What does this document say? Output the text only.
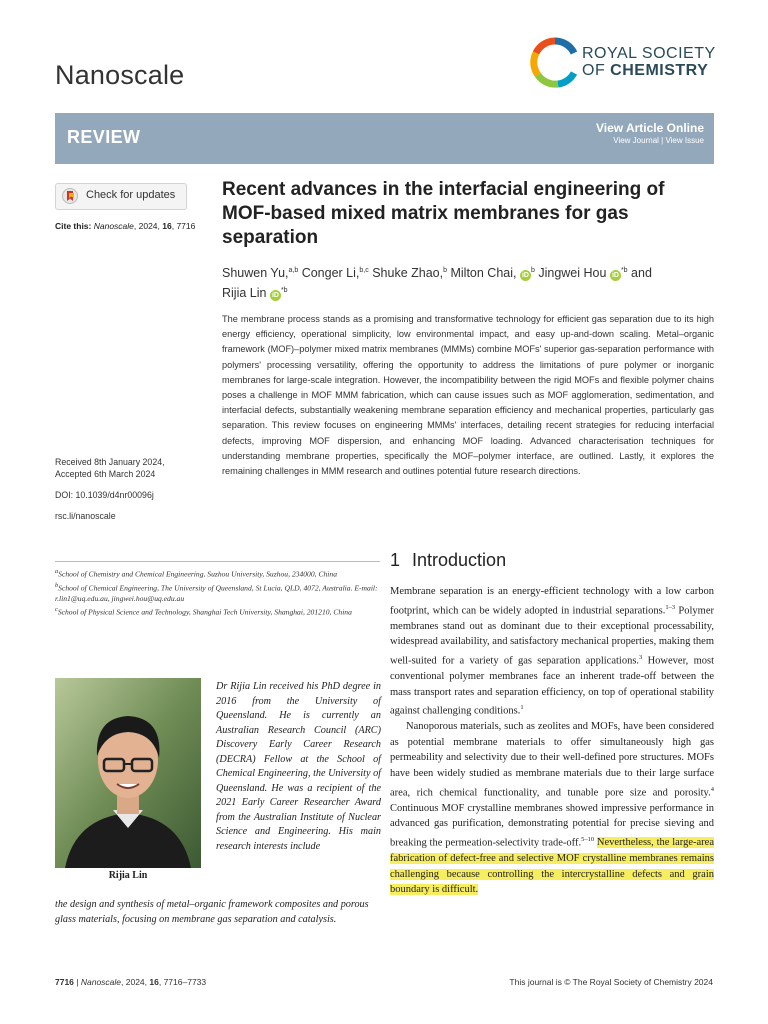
Nanoscale
ROYAL SOCIETY
OF CHEMISTRY
REVIEW	View Article Online
View Journal | View Issue
Check for updates
Cite this: Nanoscale, 2024, 16, 7716
Recent advances in the interfacial engineering of MOF-based mixed matrix membranes for gas separation
Shuwen Yu,$^{a,b}$ Conger Li,$^{b,c}$ Shuke Zhao,$^b$ Milton Chai, $iD^b$ Jingwei Hou $iD^{*b}$ and
Rijia Lin $iD^{*b}$
The membrane process stands as a promising and transformative technology for efficient gas separation due to its high energy efficiency, operational simplicity, low environmental impact, and easy up-and-down scaling. Metal–organic framework (MOF)–polymer mixed matrix membranes (MMMs) combine MOFs' superior gas-separation performance with polymers' processing versatility, offering the opportunity to address the limitations of pure polymer or inorganic membranes for large-scale integration. However, the incompatibility between the rigid MOFs and flexible polymer chains poses a challenge in MOF MMM fabrication, which can cause issues such as MOF agglomeration, sedimentation, and interfacial defects, substantially weakening membrane separation efficiency and mechanical properties, particularly gas separation. This review focuses on engineering MMMs' interfaces, detailing recent strategies for reducing interfacial defects, improving MOF dispersion, and enhancing MOF loading. Advanced characterisation techniques for understanding membrane properties, specifically the MOF–polymer interface, are outlined. Lastly, it explores the remaining challenges in MMM research and outlines potential future research directions.
Received 8th January 2024,
Accepted 6th March 2024
DOI: 10.1039/d4nr00096j
rsc.li/nanoscale
$^a$School of Chemistry and Chemical Engineering, Suzhou University, Suzhou, 234000, China
$^b$School of Chemical Engineering, The University of Queensland, St Lucia, QLD, 4072, Australia. E-mail: r.lin1@uq.edu.au, jingwei.hou@uq.edu.au
$^c$School of Physical Science and Technology, Shanghai Tech University, Shanghai, 201210, China
Rijia Lin
Dr Rijia Lin received his PhD degree in 2016 from the University of Queensland. He is currently an Australian Research Council (ARC) Discovery Early Career Research (DECRA) Fellow at the School of Chemical Engineering, the University of Queensland. He was a recipient of the 2021 Early Career Researcher Award from the Australian Institute of Nuclear Science and Engineering. His main research interests include
the design and synthesis of metal–organic framework composites and porous glass materials, focusing on membrane gas separation and catalysis.
1 Introduction

Membrane separation is an energy-efficient technology with a low carbon footprint, which can be widely adopted in industrial separations.$^{1-3}$ Polymer membranes stand out as dominant due to their exceptional processability, widespread availability, and satisfactory mechanical properties, making them well-suited for a variety of gas separation applications.$^3$ However, most conventional polymer membranes face an inherent trade-off between the mass transport rates and separation efficiency, on top of operational stability against challenging conditions.$^1$

Nanoporous materials, such as zeolites and MOFs, have been considered as potential membrane materials to offer simultaneously high gas permeability and selectivity due to their well-defined pore structures. MOFs have been widely studied as membrane materials due to their large surface area, rich chemical functionality, and tunable pore size and porosity.$^4$ Continuous MOF crystalline membranes showed impressive performance in advanced gas purification, demonstrating potential for precise sieving and breaking the permeation-selectivity trade-off.$^{5-10}$ Nevertheless, the large-area fabrication of defect-free and selective MOF crystalline membranes remains challenging because controlling the intercrystalline defects and grain boundary is difficult.

7716 | Nanoscale, 2024, 16, 7716–7733	This journal is © The Royal Society of Chemistry 2024
